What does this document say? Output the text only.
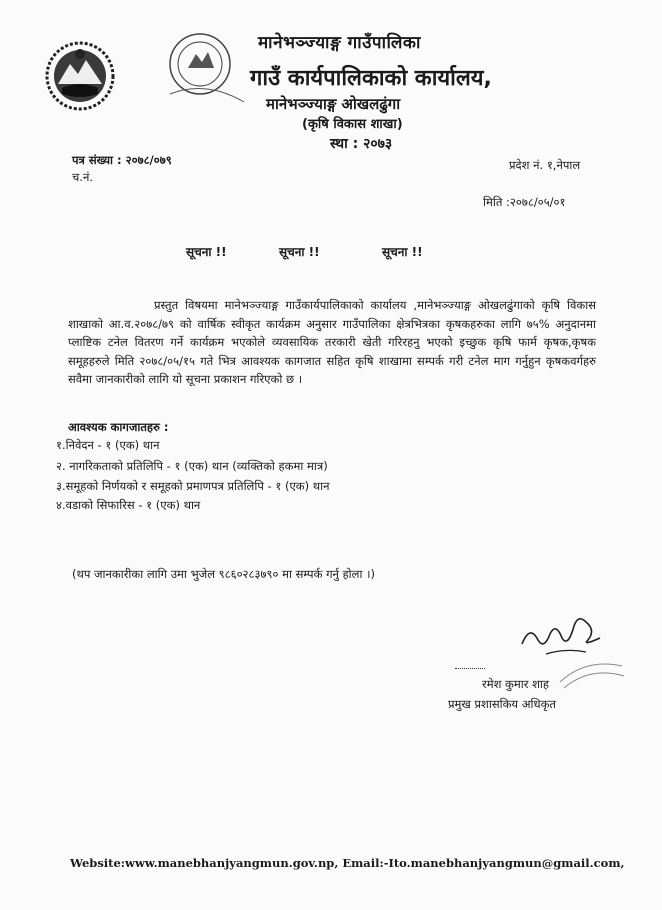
मानेभञ्ज्याङ्ग गाउँपालिका
गाउँ कार्यपालिकाको कार्यालय,
मानेभञ्ज्याङ्ग ओखलढुंगा
(कृषि विकास शाखा)
स्था : २०७३
पत्र संख्या : २०७८/०७९
च.नं.
प्रदेश नं. १,नेपाल
मिति :२०७८/०५/०१
सूचना !!	सूचना !!	सूचना !!
प्रस्तुत विषयमा मानेभञ्ज्याङ्ग गाउँकार्यपालिकाको कार्यालय ,मानेभञ्ज्याङ्ग ओखलढुंगाको कृषि विकास शाखाको आ.व.२०७८/७९ को वार्षिक स्वीकृत कार्यक्रम अनुसार गाउँपालिका क्षेत्रभित्रका कृषकहरुका लागि ७५% अनुदानमा प्लाष्टिक टनेल वितरण गर्ने कार्यक्रम भएकोले व्यवसायिक तरकारी खेती गरिरहनु भएको इच्छुक कृषि फार्म कृषक,कृषक समूहहरुले मिति २०७८/०५/१५ गते भित्र आवश्यक कागजात सहित कृषि शाखामा सम्पर्क गरी टनेल माग गर्नुहुन कृषकवर्गहरु सवैमा जानकारीको लागि यो सूचना प्रकाशन गरिएको छ ।
आवश्यक कागजातहरु :
१.निवेदन - १ (एक) थान
२. नागरिकताको प्रतिलिपि - १ (एक) थान (व्यक्तिको हकमा मात्र)
३.समूहको निर्णयको र समूहको प्रमाणपत्र प्रतिलिपि - १ (एक) थान
४.वडाको सिफारिस - १ (एक) थान
(थप जानकारीका लागि उमा भुजेल ९८६०२८३७९० मा सम्पर्क गर्नु होला ।)
रमेश कुमार शाह
प्रमुख प्रशासकिय अधिकृत
Website:www.manebhanjyangmun.gov.np, Email:-Ito.manebhanjyangmun@gmail.com,
